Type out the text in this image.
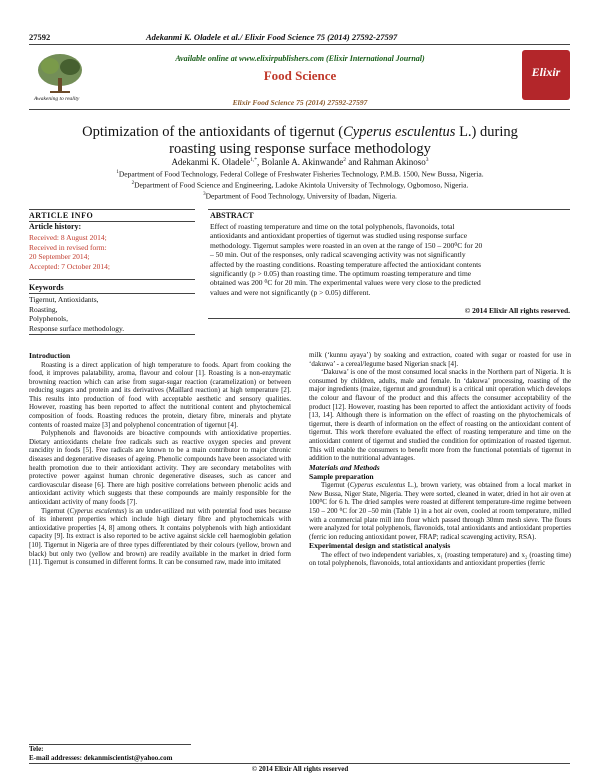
27592	Adekanmi K. Oladele et al./ Elixir Food Science 75 (2014) 27592-27597
Awakening to reality
Available online at www.elixirpublishers.com (Elixir International Journal)
Food Science
Elixir Food Science 75 (2014) 27592-27597
Elixir
Optimization of the antioxidants of tigernut (Cyperus esculentus L.) during
roasting using response surface methodology
Adekanmi K. Oladele$^{1,*}$, Bolanle A. Akinwande$^2$ and Rahman Akinoso$^3$
$^1$Department of Food Technology, Federal College of Freshwater Fisheries Technology, P.M.B. 1500, New Bussa, Nigeria.
$^2$Department of Food Science and Engineering, Ladoke Akintola University of Technology, Ogbomoso, Nigeria.
$^3$Department of Food Technology, University of Ibadan, Nigeria.
ARTICLE INFO
Article history:
Received: 8 August 2014;
Received in revised form:
20 September 2014;
Accepted: 7 October 2014;
Keywords
Tigernut, Antioxidants,
Roasting,
Polyphenols,
Response surface methodology.
ABSTRACT
Effect of roasting temperature and time on the total polyphenols, flavonoids, total
antioxidants and antioxidant properties of tigernut was studied using response surface
methodology. Tigernut samples were roasted in an oven at the range of 150 – 200⁰C for 20
– 50 min. Out of the responses, only radical scavenging activity was not significantly
affected by the roasting conditions. Roasting temperature affected the antioxidant contents
significantly (p > 0.05) than roasting time. The optimum roasting temperature and time
obtained was 200 ⁰C for 20 min. The experimental values were very close to the predicted
values and were not significantly (p > 0.05) different.
© 2014 Elixir All rights reserved.
Introduction

Roasting is a direct application of high temperature to foods. Apart from cooking the food, it improves palatability, aroma, flavour and colour [1]. Roasting is a non-enzymatic browning reaction which can arise from sugar-sugar reaction (caramelization) or between reducing sugars and protein and its derivatives (Maillard reaction) at high temperature [2]. This results into production of food with acceptable aesthetic and sensory qualities. However, roasting has been reported to affect the nutritional content and phytochemical composition of foods. Roasting reduces the protein, dietary fibre, minerals and phytate contents of roasted maize [3] and polyphenol concentration of tigernut [4].

Polyphenols and flavonoids are bioactive compounds with antioxidative properties. Dietary antioxidants chelate free radicals such as reactive oxygen species and prevent rancidity in foods [5]. Free radicals are known to be a main contributor to major chronic diseases and degenerative diseases of ageing. Phenolic compounds have been associated with health promotion due to their antioxidant activity. They are secondary metabolites with protective power against human chronic degenerative diseases, such as cancer and cardiovascular disease [6]. There are high positive correlations between phenolic acids and antioxidant activity which suggests that these compounds are mainly responsible for the antioxidant activity of many foods [7].

Tigernut (Cyperus esculentus) is an under-utilized nut with potential food uses because of its inherent properties which include high dietary fibre and phytochemicals with antioxidative properties [4, 8] among others. It contains polyphenols with high antioxidant capacity [9]. Its extract is also reported to be active against sickle cell haemoglobin gelation [10]. Tigernut in Nigeria are of three types differentiated by their colours (yellow, brown and black) but only two (yellow and brown) are readily available in the market in dried form [11]. Tigernut is consumed in different forms. It can be consumed raw, made into imitated

milk (‘kunnu ayaya’) by soaking and extraction, coated with sugar or roasted for use in ‘dakuwa’ - a cereal/legume based Nigerian snack [4].

‘Dakuwa’ is one of the most consumed local snacks in the Northern part of Nigeria. It is consumed by children, adults, male and female. In ‘dakuwa’ processing, roasting of the major ingredients (maize, tigernut and groundnut) is a critical unit operation which develops the colour and flavour of the product and this affects the consumer acceptability of the product [12]. However, roasting has been reported to affect the antioxidant activity of foods [13, 14]. Although there is information on the effect of roasting on the phytochemicals of tigernut, there is dearth of information on the effect of roasting on the antioxidant content of tigernut. This work therefore evaluated the effect of roasting temperature and time on the antioxidant content of tigernut and studied the condition for optimization of roasted tigernut. This will enable the consumers to benefit more from the functional potentials of tigernut in addition to the nutritional advantages.

Materials and Methods
Sample preparation

Tigernut (Cyperus esculentus L.), brown variety, was obtained from a local market in New Bussa, Niger State, Nigeria. They were sorted, cleaned in water, dried in hot air oven at 100⁰C for 6 h. The dried samples were roasted at different temperature-time regime between 150 – 200 ⁰C for 20 –50 min (Table 1) in a hot air oven, cooled at room temperature, milled with a commercial plate mill into flour which passed through 30mm mesh sieve. The flours were analyzed for total polyphenols, flavonoids, total antioxidants and antioxidant properties (ferric ion reducing antioxidant power, FRAP; radical scavenging activity, RSA).

Experimental design and statistical analysis

The effect of two independent variables, x₁ (roasting temperature) and x₂ (roasting time) on total polyphenols, flavonoids, total antioxidants and antioxidant properties (ferric

Tele:
E-mail addresses: dekanmiscientist@yahoo.com
© 2014 Elixir All rights reserved
